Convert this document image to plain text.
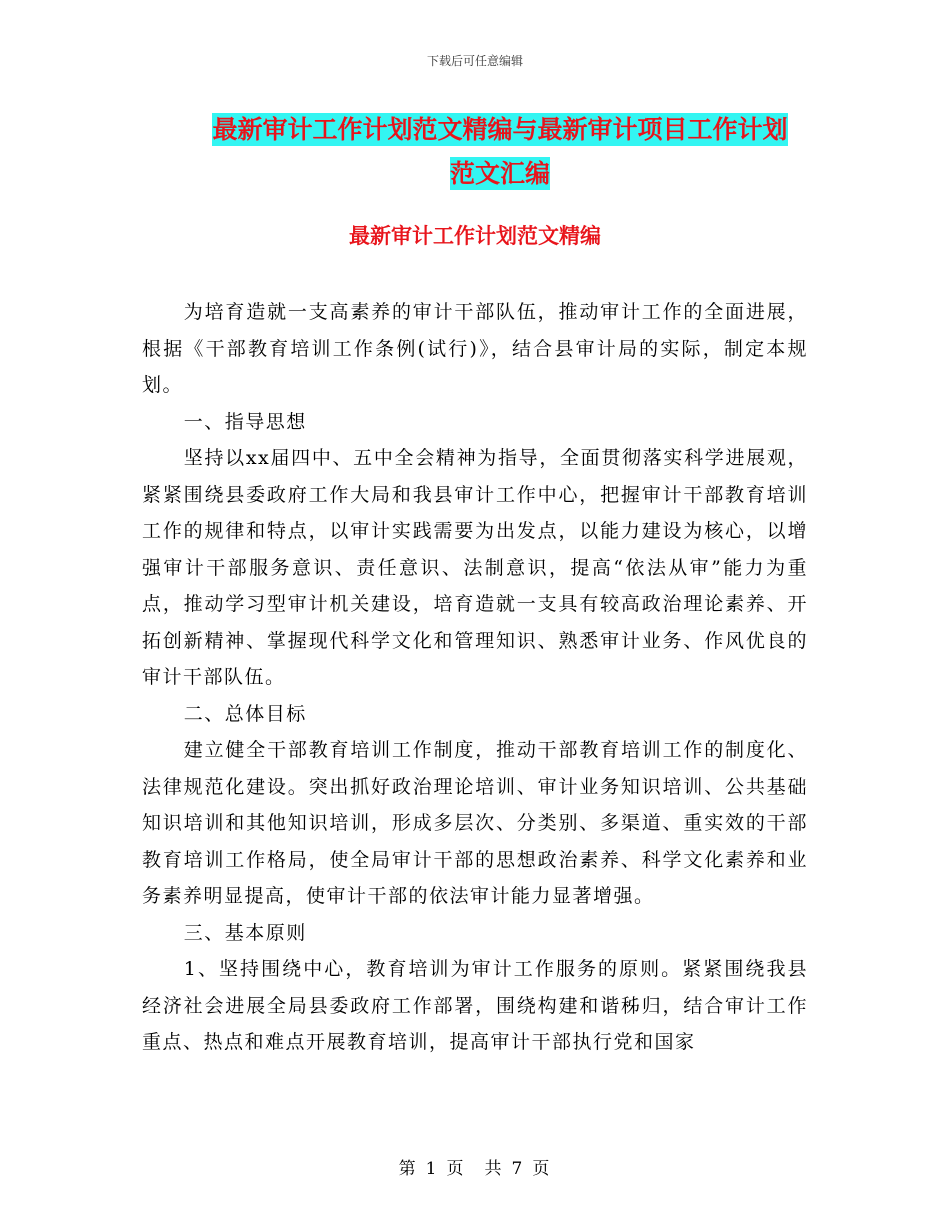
下载后可任意编辑
最新审计工作计划范文精编与最新审计项目工作计划
范文汇编
最新审计工作计划范文精编

为培育造就一支高素养的审计干部队伍，推动审计工作的全面进展，根据《干部教育培训工作条例(试行)》，结合县审计局的实际，制定本规划。

一、指导思想

坚持以xx届四中、五中全会精神为指导，全面贯彻落实科学进展观，紧紧围绕县委政府工作大局和我县审计工作中心，把握审计干部教育培训工作的规律和特点，以审计实践需要为出发点，以能力建设为核心，以增强审计干部服务意识、责任意识、法制意识，提高“依法从审”能力为重点，推动学习型审计机关建设，培育造就一支具有较高政治理论素养、开拓创新精神、掌握现代科学文化和管理知识、熟悉审计业务、作风优良的审计干部队伍。

二、总体目标

建立健全干部教育培训工作制度，推动干部教育培训工作的制度化、法律规范化建设。突出抓好政治理论培训、审计业务知识培训、公共基础知识培训和其他知识培训，形成多层次、分类别、多渠道、重实效的干部教育培训工作格局，使全局审计干部的思想政治素养、科学文化素养和业务素养明显提高，使审计干部的依法审计能力显著增强。

三、基本原则

1、坚持围绕中心，教育培训为审计工作服务的原则。紧紧围绕我县经济社会进展全局县委政府工作部署，围绕构建和谐秭归，结合审计工作重点、热点和难点开展教育培训，提高审计干部执行党和国家

第 1 页　共 7 页
